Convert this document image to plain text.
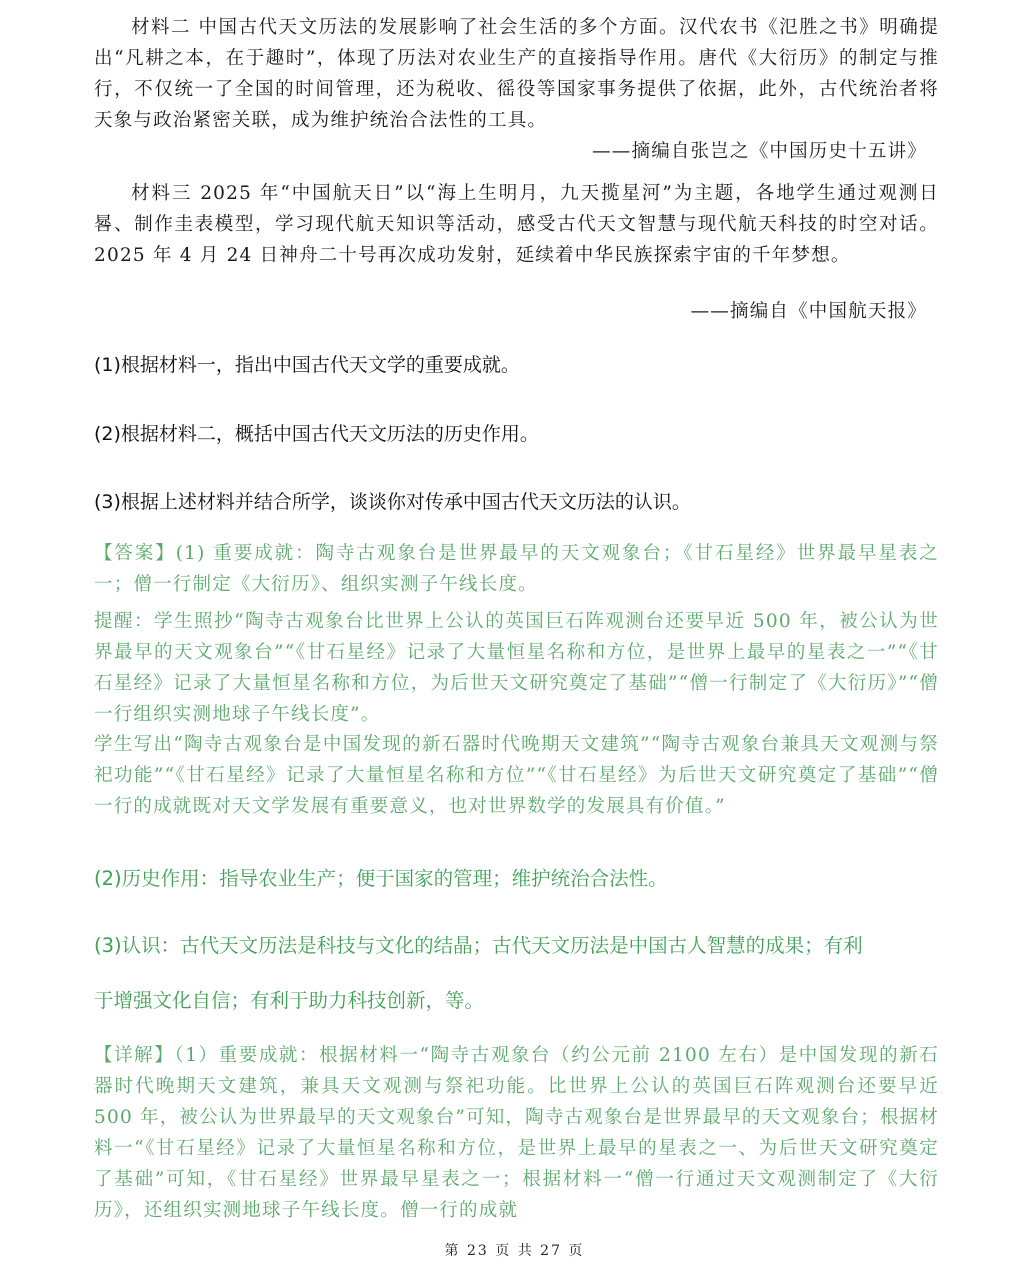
材料二 中国古代天文历法的发展影响了社会生活的多个方面。汉代农书《氾胜之书》明确提出“凡耕之本，在于趣时”，体现了历法对农业生产的直接指导作用。唐代《大衍历》的制定与推行，不仅统一了全国的时间管理，还为税收、徭役等国家事务提供了依据，此外，古代统治者将天象与政治紧密关联，成为维护统治合法性的工具。

——摘编自张岂之《中国历史十五讲》

材料三 2025 年“中国航天日”以“海上生明月，九天揽星河”为主题，各地学生通过观测日晷、制作圭表模型，学习现代航天知识等活动，感受古代天文智慧与现代航天科技的时空对话。2025 年 4 月 24 日神舟二十号再次成功发射，延续着中华民族探索宇宙的千年梦想。

——摘编自《中国航天报》

(1)根据材料一，指出中国古代天文学的重要成就。

(2)根据材料二，概括中国古代天文历法的历史作用。

(3)根据上述材料并结合所学，谈谈你对传承中国古代天文历法的认识。

【答案】(1) 重要成就：陶寺古观象台是世界最早的天文观象台；《甘石星经》世界最早星表之一；僧一行制定《大衍历》、组织实测子午线长度。

提醒：学生照抄“陶寺古观象台比世界上公认的英国巨石阵观测台还要早近 500 年，被公认为世界最早的天文观象台”“《甘石星经》记录了大量恒星名称和方位，是世界上最早的星表之一”“《甘石星经》记录了大量恒星名称和方位，为后世天文研究奠定了基础”“僧一行制定了《大衍历》”“僧一行组织实测地球子午线长度”。

学生写出“陶寺古观象台是中国发现的新石器时代晚期天文建筑”“陶寺古观象台兼具天文观测与祭祀功能”“《甘石星经》记录了大量恒星名称和方位”“《甘石星经》为后世天文研究奠定了基础”“僧一行的成就既对天文学发展有重要意义，也对世界数学的发展具有价值。”

(2)历史作用：指导农业生产；便于国家的管理；维护统治合法性。

(3)认识：古代天文历法是科技与文化的结晶；古代天文历法是中国古人智慧的成果；有利

于增强文化自信；有利于助力科技创新，等。

【详解】（1）重要成就：根据材料一“陶寺古观象台（约公元前 2100 左右）是中国发现的新石器时代晚期天文建筑，兼具天文观测与祭祀功能。比世界上公认的英国巨石阵观测台还要早近 500 年，被公认为世界最早的天文观象台”可知，陶寺古观象台是世界最早的天文观象台；根据材料一“《甘石星经》记录了大量恒星名称和方位，是世界上最早的星表之一、为后世天文研究奠定了基础”可知，《甘石星经》世界最早星表之一；根据材料一“僧一行通过天文观测制定了《大衍历》，还组织实测地球子午线长度。僧一行的成就

第 23 页 共 27 页
